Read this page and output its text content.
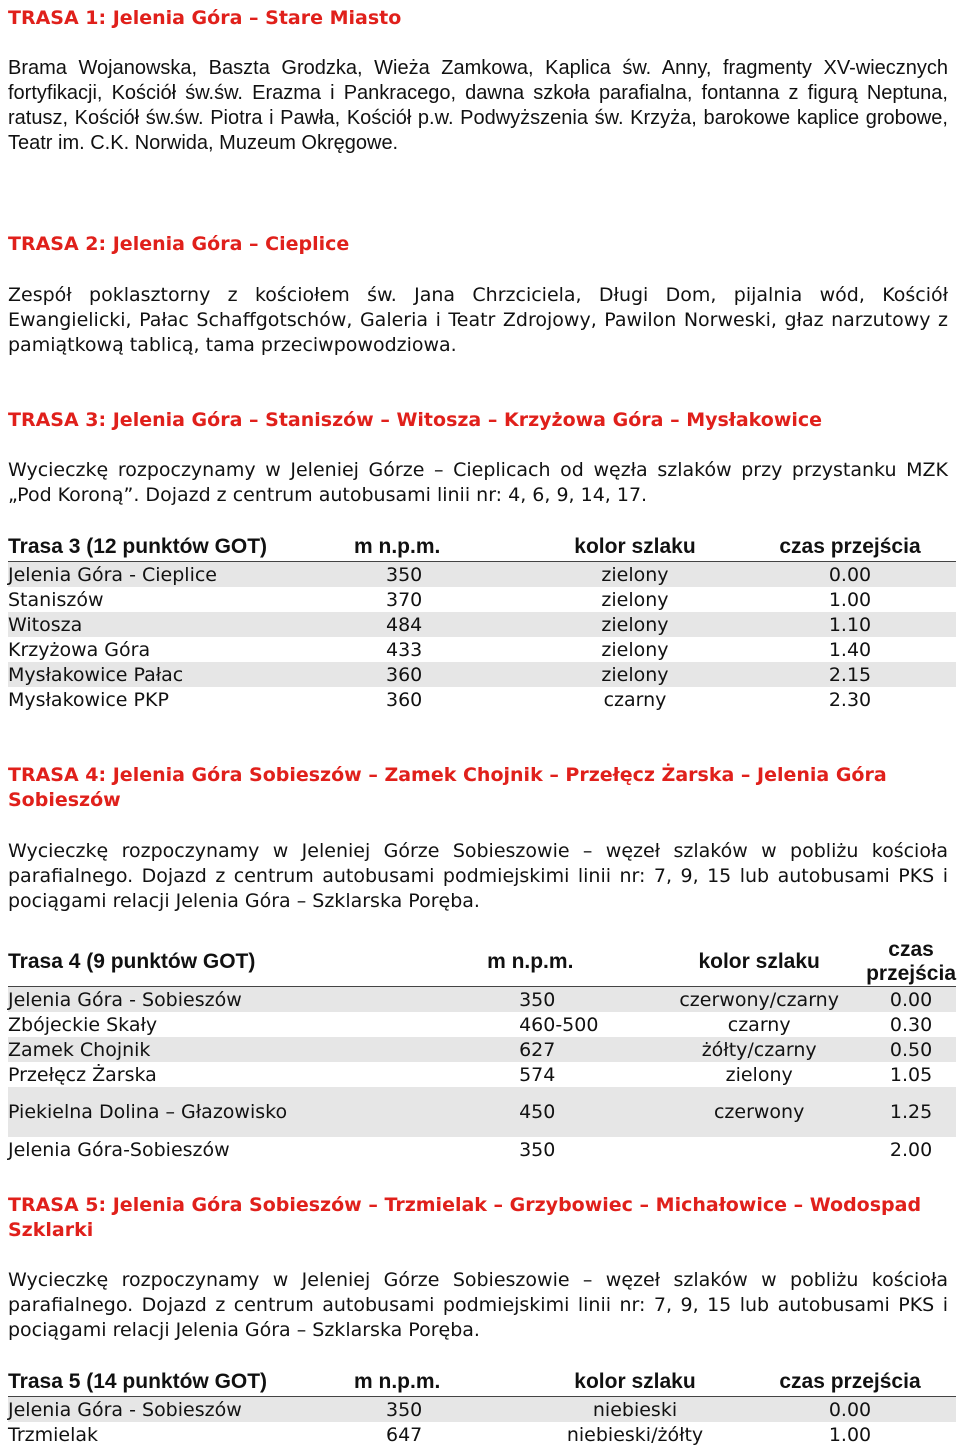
TRASA 1: Jelenia Góra – Stare Miasto

Brama Wojanowska, Baszta Grodzka, Wieża Zamkowa, Kaplica św. Anny, fragmenty XV-wiecznych fortyfikacji, Kościół św.św. Erazma i Pankracego, dawna szkoła parafialna, fontanna z figurą Neptuna, ratusz, Kościół św.św. Piotra i Pawła, Kościół p.w. Podwyższenia św. Krzyża, barokowe kaplice grobowe, Teatr im. C.K. Norwida, Muzeum Okręgowe.

TRASA 2: Jelenia Góra – Cieplice

Zespół poklasztorny z kościołem św. Jana Chrzciciela, Długi Dom, pijalnia wód, Kościół Ewangielicki, Pałac Schaffgotschów, Galeria i Teatr Zdrojowy, Pawilon Norweski, głaz narzutowy z pamiątkową tablicą, tama przeciwpowodziowa.

TRASA 3: Jelenia Góra – Staniszów – Witosza – Krzyżowa Góra – Mysłakowice

Wycieczkę rozpoczynamy w Jeleniej Górze – Cieplicach od węzła szlaków przy przystanku MZK „Pod Koroną”. Dojazd z centrum autobusami linii nr: 4, 6, 9, 14, 17.

Trasa 3 (12 punktów GOT)	m n.p.m.	kolor szlaku	czas przejścia
Jelenia Góra - Cieplice	350	zielony	0.00
Staniszów	370	zielony	1.00
Witosza	484	zielony	1.10
Krzyżowa Góra	433	zielony	1.40
Mysłakowice Pałac	360	zielony	2.15
Mysłakowice PKP	360	czarny	2.30
TRASA 4: Jelenia Góra Sobieszów – Zamek Chojnik – Przełęcz Żarska – Jelenia Góra Sobieszów

Wycieczkę rozpoczynamy w Jeleniej Górze Sobieszowie – węzeł szlaków w pobliżu kościoła parafialnego. Dojazd z centrum autobusami podmiejskimi linii nr: 7, 9, 15 lub autobusami PKS i pociągami relacji Jelenia Góra – Szklarska Poręba.

Trasa 4 (9 punktów GOT)	m n.p.m.	kolor szlaku	czas przejścia
Jelenia Góra - Sobieszów	350	czerwony/czarny	0.00
Zbójeckie Skały	460-500	czarny	0.30
Zamek Chojnik	627	żółty/czarny	0.50
Przełęcz Żarska	574	zielony	1.05
Piekielna Dolina – Głazowisko	450	czerwony	1.25
Jelenia Góra-Sobieszów	350		2.00
TRASA 5: Jelenia Góra Sobieszów – Trzmielak – Grzybowiec – Michałowice – Wodospad Szklarki

Wycieczkę rozpoczynamy w Jeleniej Górze Sobieszowie – węzeł szlaków w pobliżu kościoła parafialnego. Dojazd z centrum autobusami podmiejskimi linii nr: 7, 9, 15 lub autobusami PKS i pociągami relacji Jelenia Góra – Szklarska Poręba.

Trasa 5 (14 punktów GOT)	m n.p.m.	kolor szlaku	czas przejścia
Jelenia Góra - Sobieszów	350	niebieski	0.00
Trzmielak	647	niebieski/żółty	1.00
